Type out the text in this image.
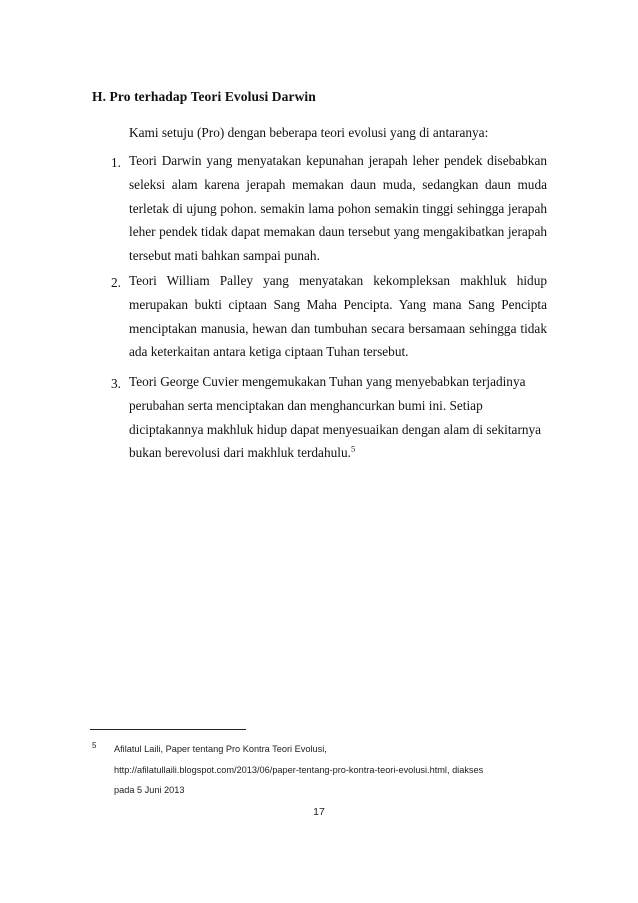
H. Pro terhadap Teori Evolusi Darwin
Kami setuju (Pro) dengan beberapa teori evolusi yang di antaranya:
1. Teori Darwin yang menyatakan kepunahan jerapah leher pendek disebabkan seleksi alam karena jerapah memakan daun muda, sedangkan daun muda terletak di ujung pohon. semakin lama pohon semakin tinggi sehingga jerapah leher pendek tidak dapat memakan daun tersebut yang mengakibatkan jerapah tersebut mati bahkan sampai punah.
2. Teori William Palley yang menyatakan kekompleksan makhluk hidup merupakan bukti ciptaan Sang Maha Pencipta. Yang mana Sang Pencipta menciptakan manusia, hewan dan tumbuhan secara bersamaan sehingga tidak ada keterkaitan antara ketiga ciptaan Tuhan tersebut.
3. Teori George Cuvier mengemukakan Tuhan yang menyebabkan terjadinya
perubahan serta menciptakan dan menghancurkan bumi ini. Setiap
diciptakannya makhluk hidup dapat menyesuaikan dengan alam di sekitarnya
bukan berevolusi dari makhluk terdahulu.$^5$
5	Afilatul Laili, Paper tentang Pro Kontra Teori Evolusi,
http://afilatullaili.blogspot.com/2013/06/paper-tentang-pro-kontra-teori-evolusi.html, diakses
pada 5 Juni 2013
17
